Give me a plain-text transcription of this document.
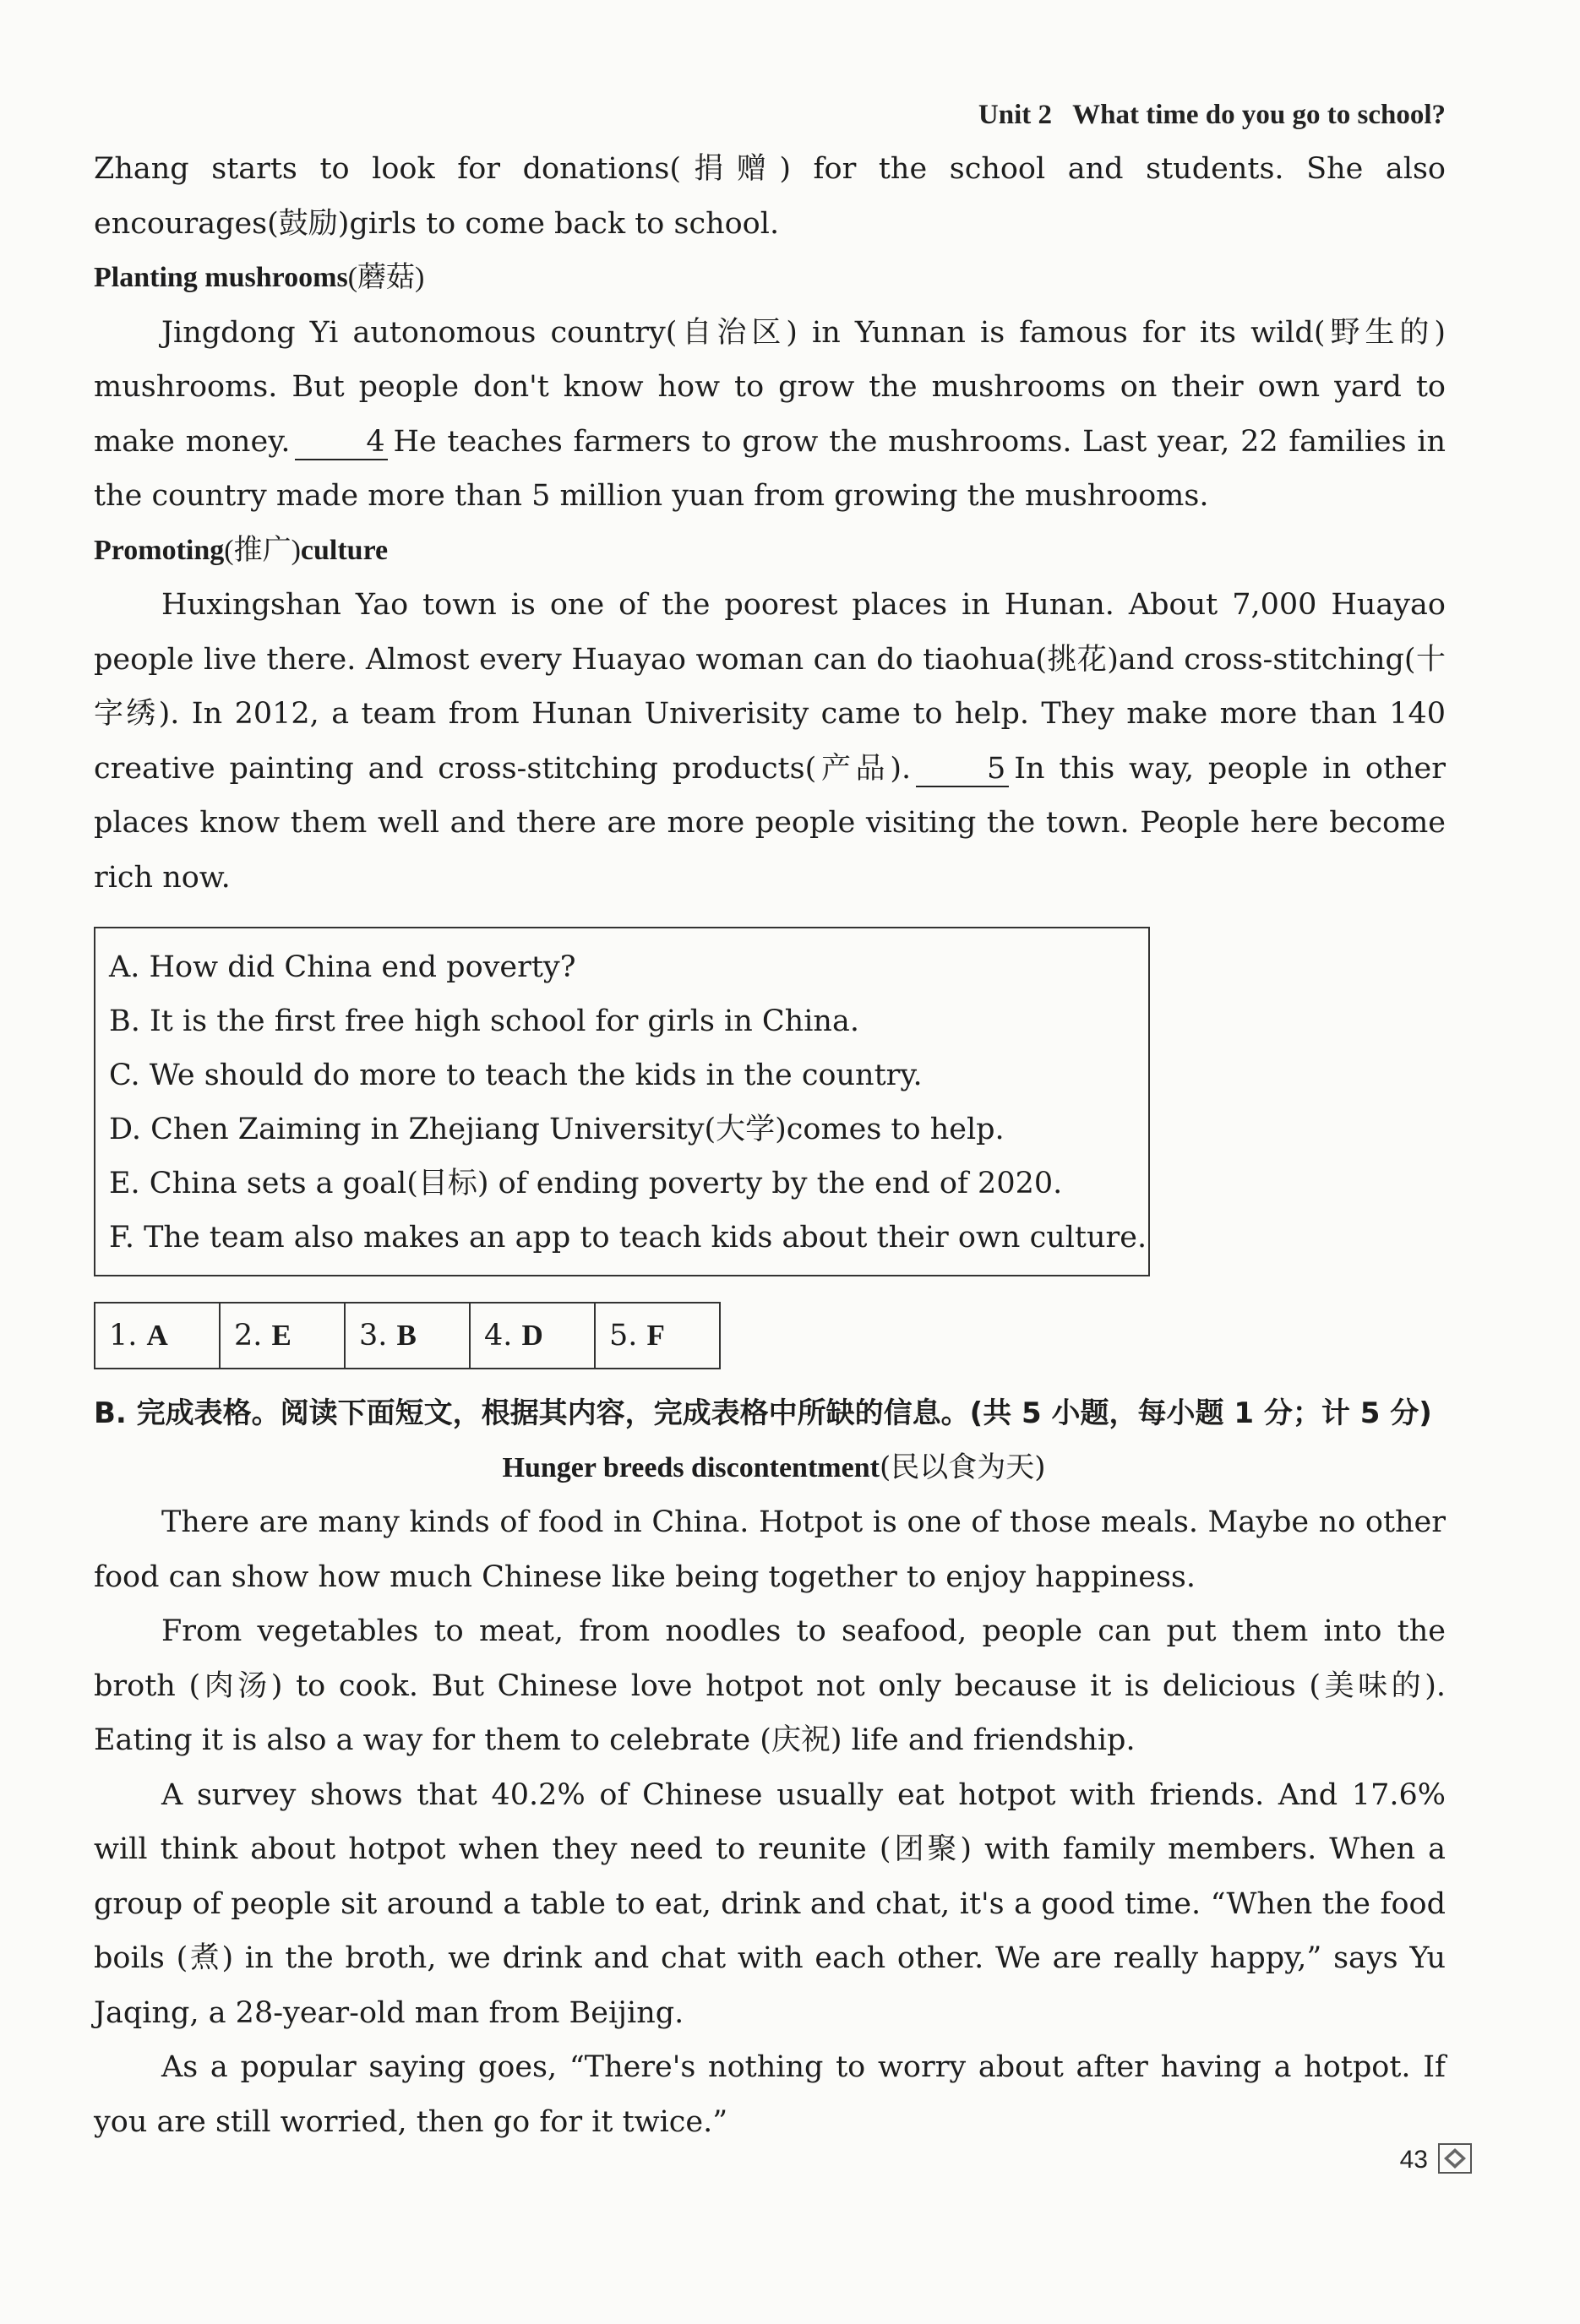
Unit 2 What time do you go to school?

Zhang starts to look for donations(捐赠) for the school and students. She also encourages(鼓励)girls to come back to school.

Planting mushrooms(蘑菇)

Jingdong Yi autonomous country(自治区) in Yunnan is famous for its wild(野生的) mushrooms. But people don't know how to grow the mushrooms on their own yard to make money.	4 He teaches farmers to grow the mushrooms. Last year, 22 families in the country made more than 5 million yuan from growing the mushrooms.

Promoting(推广)culture

Huxingshan Yao town is one of the poorest places in Hunan. About 7,000 Huayao people live there. Almost every Huayao woman can do tiaohua(挑花)and cross-stitching(十字绣). In 2012, a team from Hunan Univerisity came to help. They make more than 140 creative painting and cross-stitching products(产品).	5 In this way, people in other places know them well and there are more people visiting the town. People here become rich now.

A. How did China end poverty?
B. It is the first free high school for girls in China.
C. We should do more to teach the kids in the country.
D. Chen Zaiming in Zhejiang University(大学)comes to help.
E. China sets a goal(目标) of ending poverty by the end of 2020.
F. The team also makes an app to teach kids about their own culture.
1. A	2. E	3. B	4. D	5. F
B. 完成表格。阅读下面短文，根据其内容，完成表格中所缺的信息。(共 5 小题，每小题 1 分；计 5 分)
Hunger breeds discontentment(民以食为天)

There are many kinds of food in China. Hotpot is one of those meals. Maybe no other food can show how much Chinese like being together to enjoy happiness.

From vegetables to meat, from noodles to seafood, people can put them into the broth (肉汤) to cook. But Chinese love hotpot not only because it is delicious (美味的). Eating it is also a way for them to celebrate (庆祝) life and friendship.

A survey shows that 40.2% of Chinese usually eat hotpot with friends. And 17.6% will think about hotpot when they need to reunite (团聚) with family members. When a group of people sit around a table to eat, drink and chat, it's a good time. “When the food boils (煮) in the broth, we drink and chat with each other. We are really happy,” says Yu Jaqing, a 28-year-old man from Beijing.

As a popular saying goes, “There's nothing to worry about after having a hotpot. If you are still worried, then go for it twice.”

43
